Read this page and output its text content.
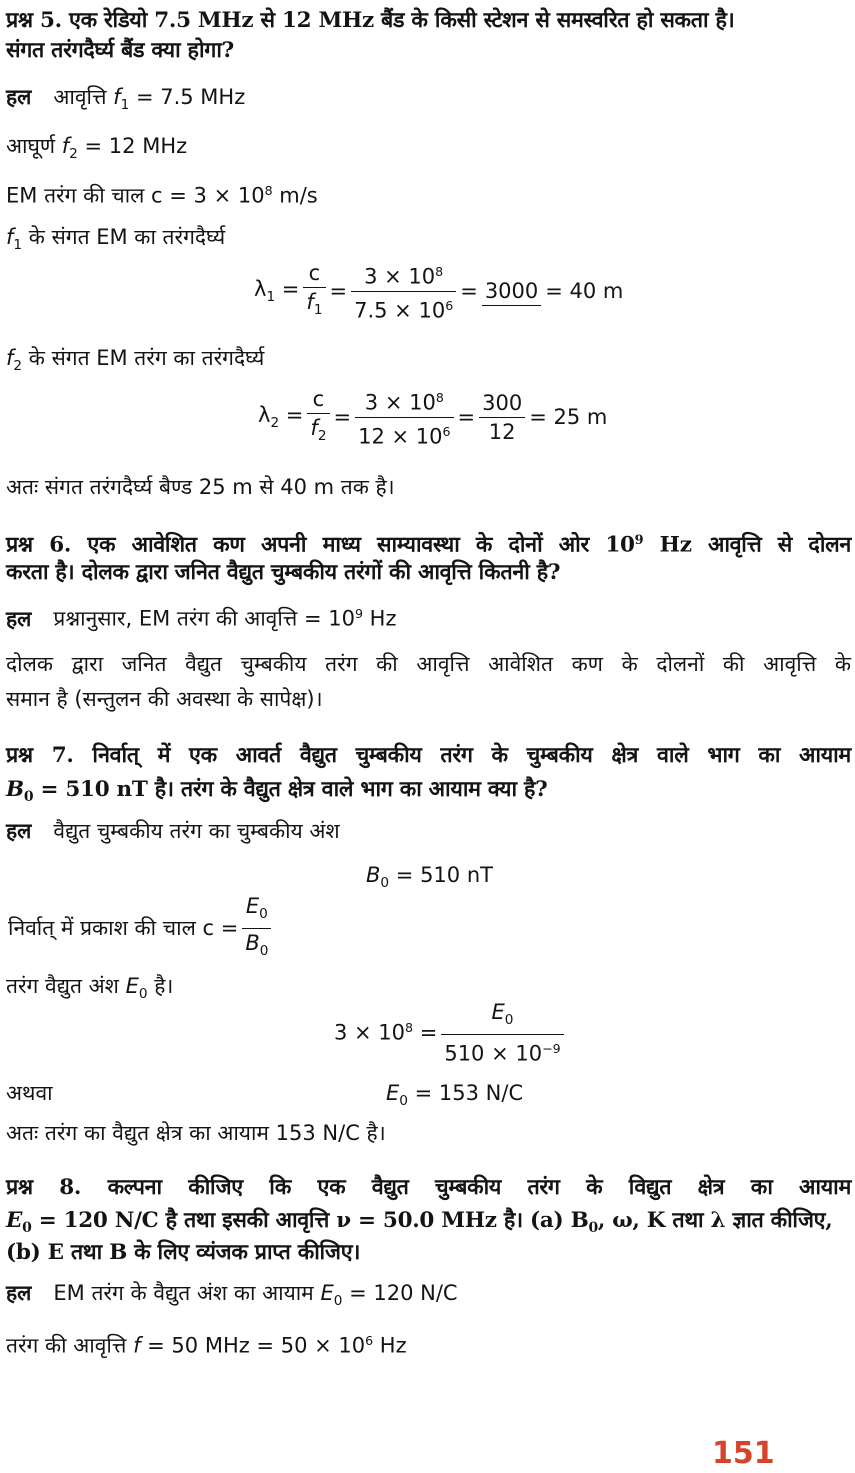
प्रश्न 5. एक रेडियो 7.5 MHz से 12 MHz बैंड के किसी स्टेशन से समस्वरित हो सकता है।
संगत तरंगदैर्घ्य बैंड क्या होगा?
हल आवृत्ति $f_1 = 7.5$ MHz
आघूर्ण $f_2 = 12$ MHz
EM तरंग की चाल $c = 3 \times 10^8$ m/s
$f_1$ के संगत EM का तरंगदैर्घ्य
$\lambda_1 = \frac{c}{f_1} = \frac{3 \times 10^8}{7.5 \times 10^6} = 3000 = 40$ m
$f_2$ के संगत EM तरंग का तरंगदैर्घ्य
$\lambda_2 = \frac{c}{f_2} = \frac{3 \times 10^8}{12 \times 10^6} = \frac{300}{12} = 25$ m
अतः संगत तरंगदैर्घ्य बैण्ड 25 m से 40 m तक है।
प्रश्न 6. एक आवेशित कण अपनी माध्य साम्यावस्था के दोनों ओर $10^9$ Hz आवृत्ति से दोलन
करता है। दोलक द्वारा जनित वैद्युत चुम्बकीय तरंगों की आवृत्ति कितनी है?
हल प्रश्नानुसार, EM तरंग की आवृत्ति = $10^9$ Hz
दोलक द्वारा जनित वैद्युत चुम्बकीय तरंग की आवृत्ति आवेशित कण के दोलनों की आवृत्ति के
समान है (सन्तुलन की अवस्था के सापेक्ष)।
प्रश्न 7. निर्वात् में एक आवर्त वैद्युत चुम्बकीय तरंग के चुम्बकीय क्षेत्र वाले भाग का आयाम
$B_0 = 510$ nT है। तरंग के वैद्युत क्षेत्र वाले भाग का आयाम क्या है?
हल वैद्युत चुम्बकीय तरंग का चुम्बकीय अंश
$B_0 = 510$ nT
निर्वात् में प्रकाश की चाल $c = \frac{E_0}{B_0}$
तरंग वैद्युत अंश $E_0$ है।
$3 \times 10^8 = \frac{E_0}{510 \times 10^{-9}}$
अथवा	$E_0 = 153$ N/C
अतः तरंग का वैद्युत क्षेत्र का आयाम 153 N/C है।
प्रश्न 8. कल्पना कीजिए कि एक वैद्युत चुम्बकीय तरंग के विद्युत क्षेत्र का आयाम
$E_0 = 120$ N/C है तथा इसकी आवृत्ति ν = 50.0 MHz है। (a) $B_0$, ω, K तथा λ ज्ञात कीजिए,
(b) E तथा B के लिए व्यंजक प्राप्त कीजिए।
हल EM तरंग के वैद्युत अंश का आयाम $E_0 = 120$ N/C
तरंग की आवृत्ति f = 50 MHz = $50 \times 10^6$ Hz
151
